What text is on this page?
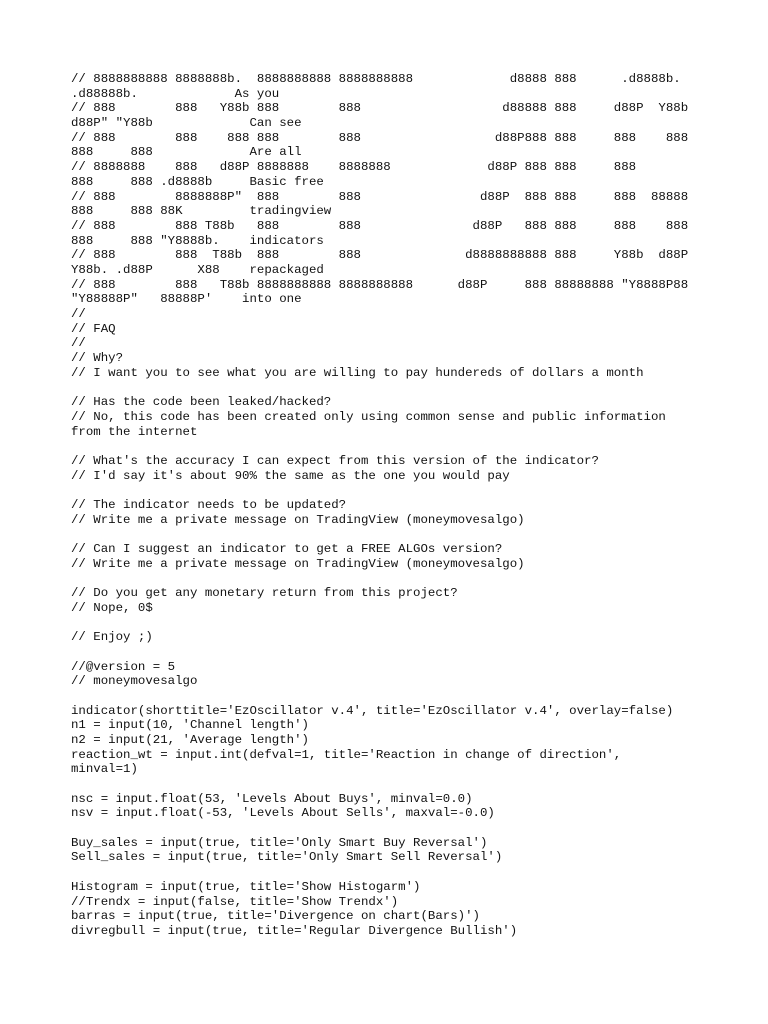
// 8888888888 8888888b.  8888888888 8888888888             d8888 888      .d8888b.
.d88888b.             As you
// 888        888   Y88b 888        888                   d88888 888     d88P  Y88b
d88P" "Y88b             Can see
// 888        888    888 888        888                  d88P888 888     888    888
888     888             Are all
// 8888888    888   d88P 8888888    8888888             d88P 888 888     888
888     888 .d8888b     Basic free
// 888        8888888P"  888        888                d88P  888 888     888  88888
888     888 88K         tradingview
// 888        888 T88b   888        888               d88P   888 888     888    888
888     888 "Y8888b.    indicators
// 888        888  T88b  888        888              d8888888888 888     Y88b  d88P
Y88b. .d88P      X88    repackaged
// 888        888   T88b 8888888888 8888888888      d88P     888 88888888 "Y8888P88
"Y88888P"   88888P'    into one
//
// FAQ
//
// Why?
// I want you to see what you are willing to pay hundereds of dollars a month
// Has the code been leaked/hacked?
// No, this code has been created only using common sense and public information
from the internet
// What's the accuracy I can expect from this version of the indicator?
// I'd say it's about 90% the same as the one you would pay
// The indicator needs to be updated?
// Write me a private message on TradingView (moneymovesalgo)
// Can I suggest an indicator to get a FREE ALGOs version?
// Write me a private message on TradingView (moneymovesalgo)
// Do you get any monetary return from this project?
// Nope, 0$
// Enjoy ;)
//@version = 5
// moneymovesalgo
indicator(shorttitle='EzOscillator v.4', title='EzOscillator v.4', overlay=false)
n1 = input(10, 'Channel length')
n2 = input(21, 'Average length')
reaction_wt = input.int(defval=1, title='Reaction in change of direction',
minval=1)
nsc = input.float(53, 'Levels About Buys', minval=0.0)
nsv = input.float(-53, 'Levels About Sells', maxval=-0.0)
Buy_sales = input(true, title='Only Smart Buy Reversal')
Sell_sales = input(true, title='Only Smart Sell Reversal')
Histogram = input(true, title='Show Histogarm')
//Trendx = input(false, title='Show Trendx')
barras = input(true, title='Divergence on chart(Bars)')
divregbull = input(true, title='Regular Divergence Bullish')
